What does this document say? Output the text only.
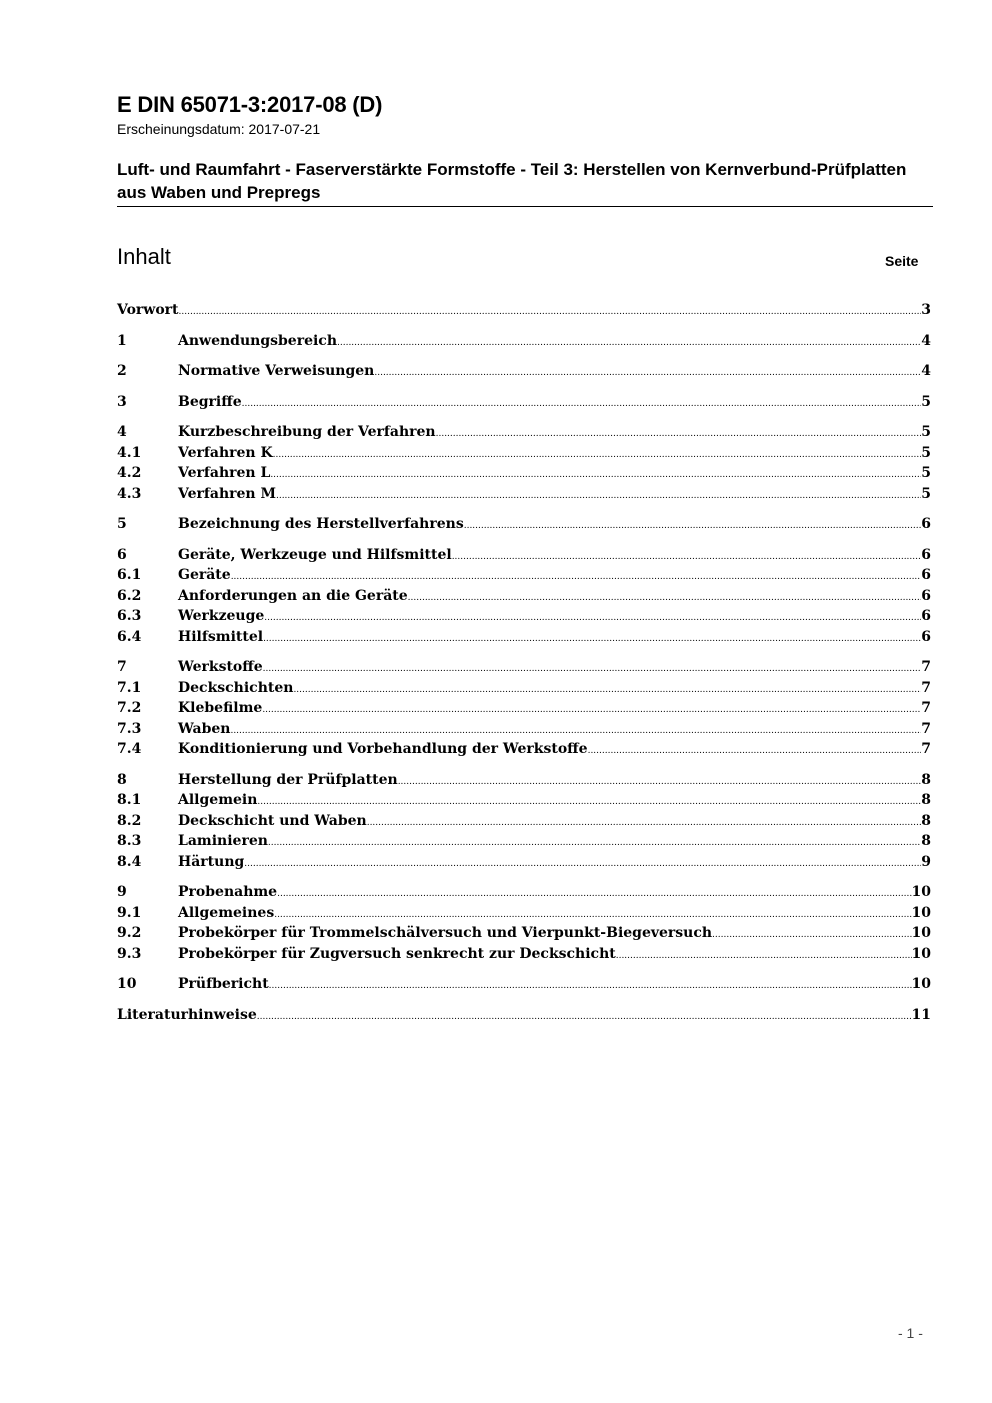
E DIN 65071-3:2017-08 (D)
Erscheinungsdatum: 2017-07-21
Luft- und Raumfahrt - Faserverstärkte Formstoffe - Teil 3: Herstellen von Kernverbund-Prüfplatten aus Waben und Prepregs
Inhalt	Seite
Vorwort .....	3
1	Anwendungsbereich .....	4
2	Normative Verweisungen .....	4
3	Begriffe .....	5
4	Kurzbeschreibung der Verfahren .....	5
4.1	Verfahren K .....	5
4.2	Verfahren L .....	5
4.3	Verfahren M .....	5
5	Bezeichnung des Herstellverfahrens .....	6
6	Geräte, Werkzeuge und Hilfsmittel .....	6
6.1	Geräte .....	6
6.2	Anforderungen an die Geräte .....	6
6.3	Werkzeuge .....	6
6.4	Hilfsmittel .....	6
7	Werkstoffe .....	7
7.1	Deckschichten .....	7
7.2	Klebefilme .....	7
7.3	Waben .....	7
7.4	Konditionierung und Vorbehandlung der Werkstoffe .....	7
8	Herstellung der Prüfplatten .....	8
8.1	Allgemein .....	8
8.2	Deckschicht und Waben .....	8
8.3	Laminieren .....	8
8.4	Härtung .....	9
9	Probenahme .....	10
9.1	Allgemeines .....	10
9.2	Probekörper für Trommelschälversuch und Vierpunkt-Biegeversuch .....	10
9.3	Probekörper für Zugversuch senkrecht zur Deckschicht .....	10
10	Prüfbericht .....	10
Literaturhinweise .....	11
- 1 -
